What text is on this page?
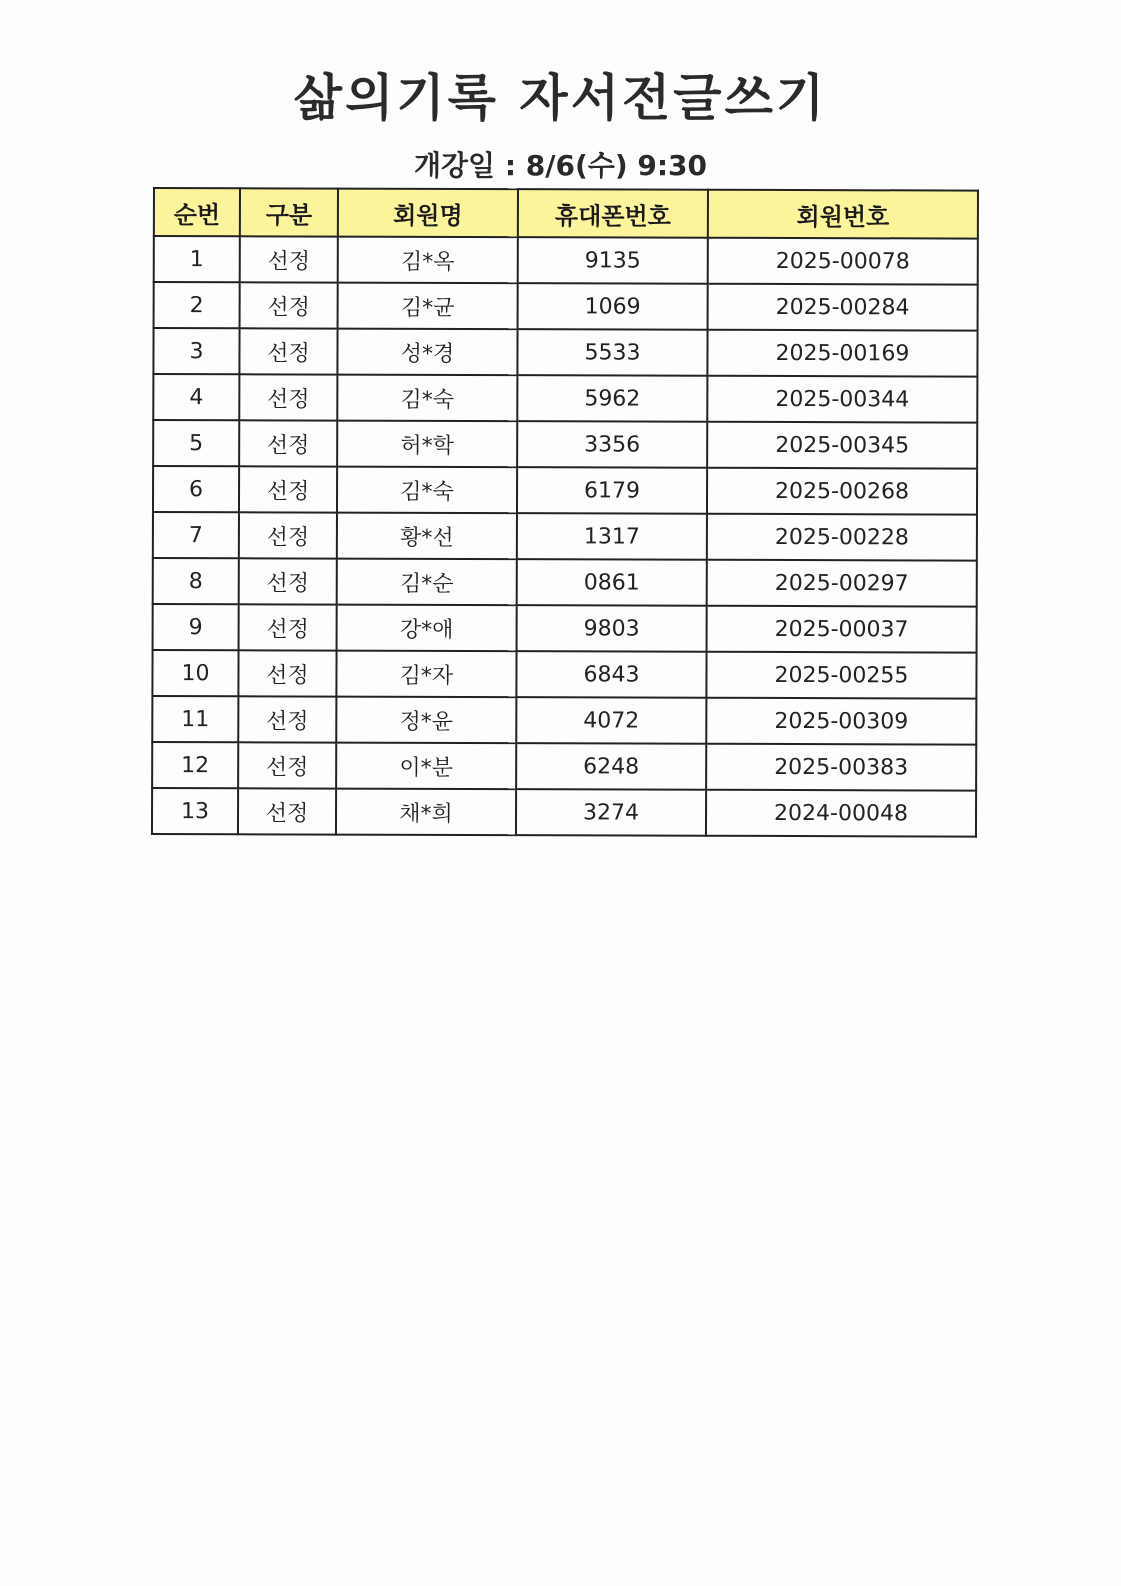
삶의기록 자서전글쓰기
개강일 : 8/6(수) 9:30
순번	구분	회원명	휴대폰번호	회원번호
1	선정	김*옥	9135	2025-00078
2	선정	김*균	1069	2025-00284
3	선정	성*경	5533	2025-00169
4	선정	김*숙	5962	2025-00344
5	선정	허*학	3356	2025-00345
6	선정	김*숙	6179	2025-00268
7	선정	황*선	1317	2025-00228
8	선정	김*순	0861	2025-00297
9	선정	강*애	9803	2025-00037
10	선정	김*자	6843	2025-00255
11	선정	정*윤	4072	2025-00309
12	선정	이*분	6248	2025-00383
13	선정	채*희	3274	2024-00048
